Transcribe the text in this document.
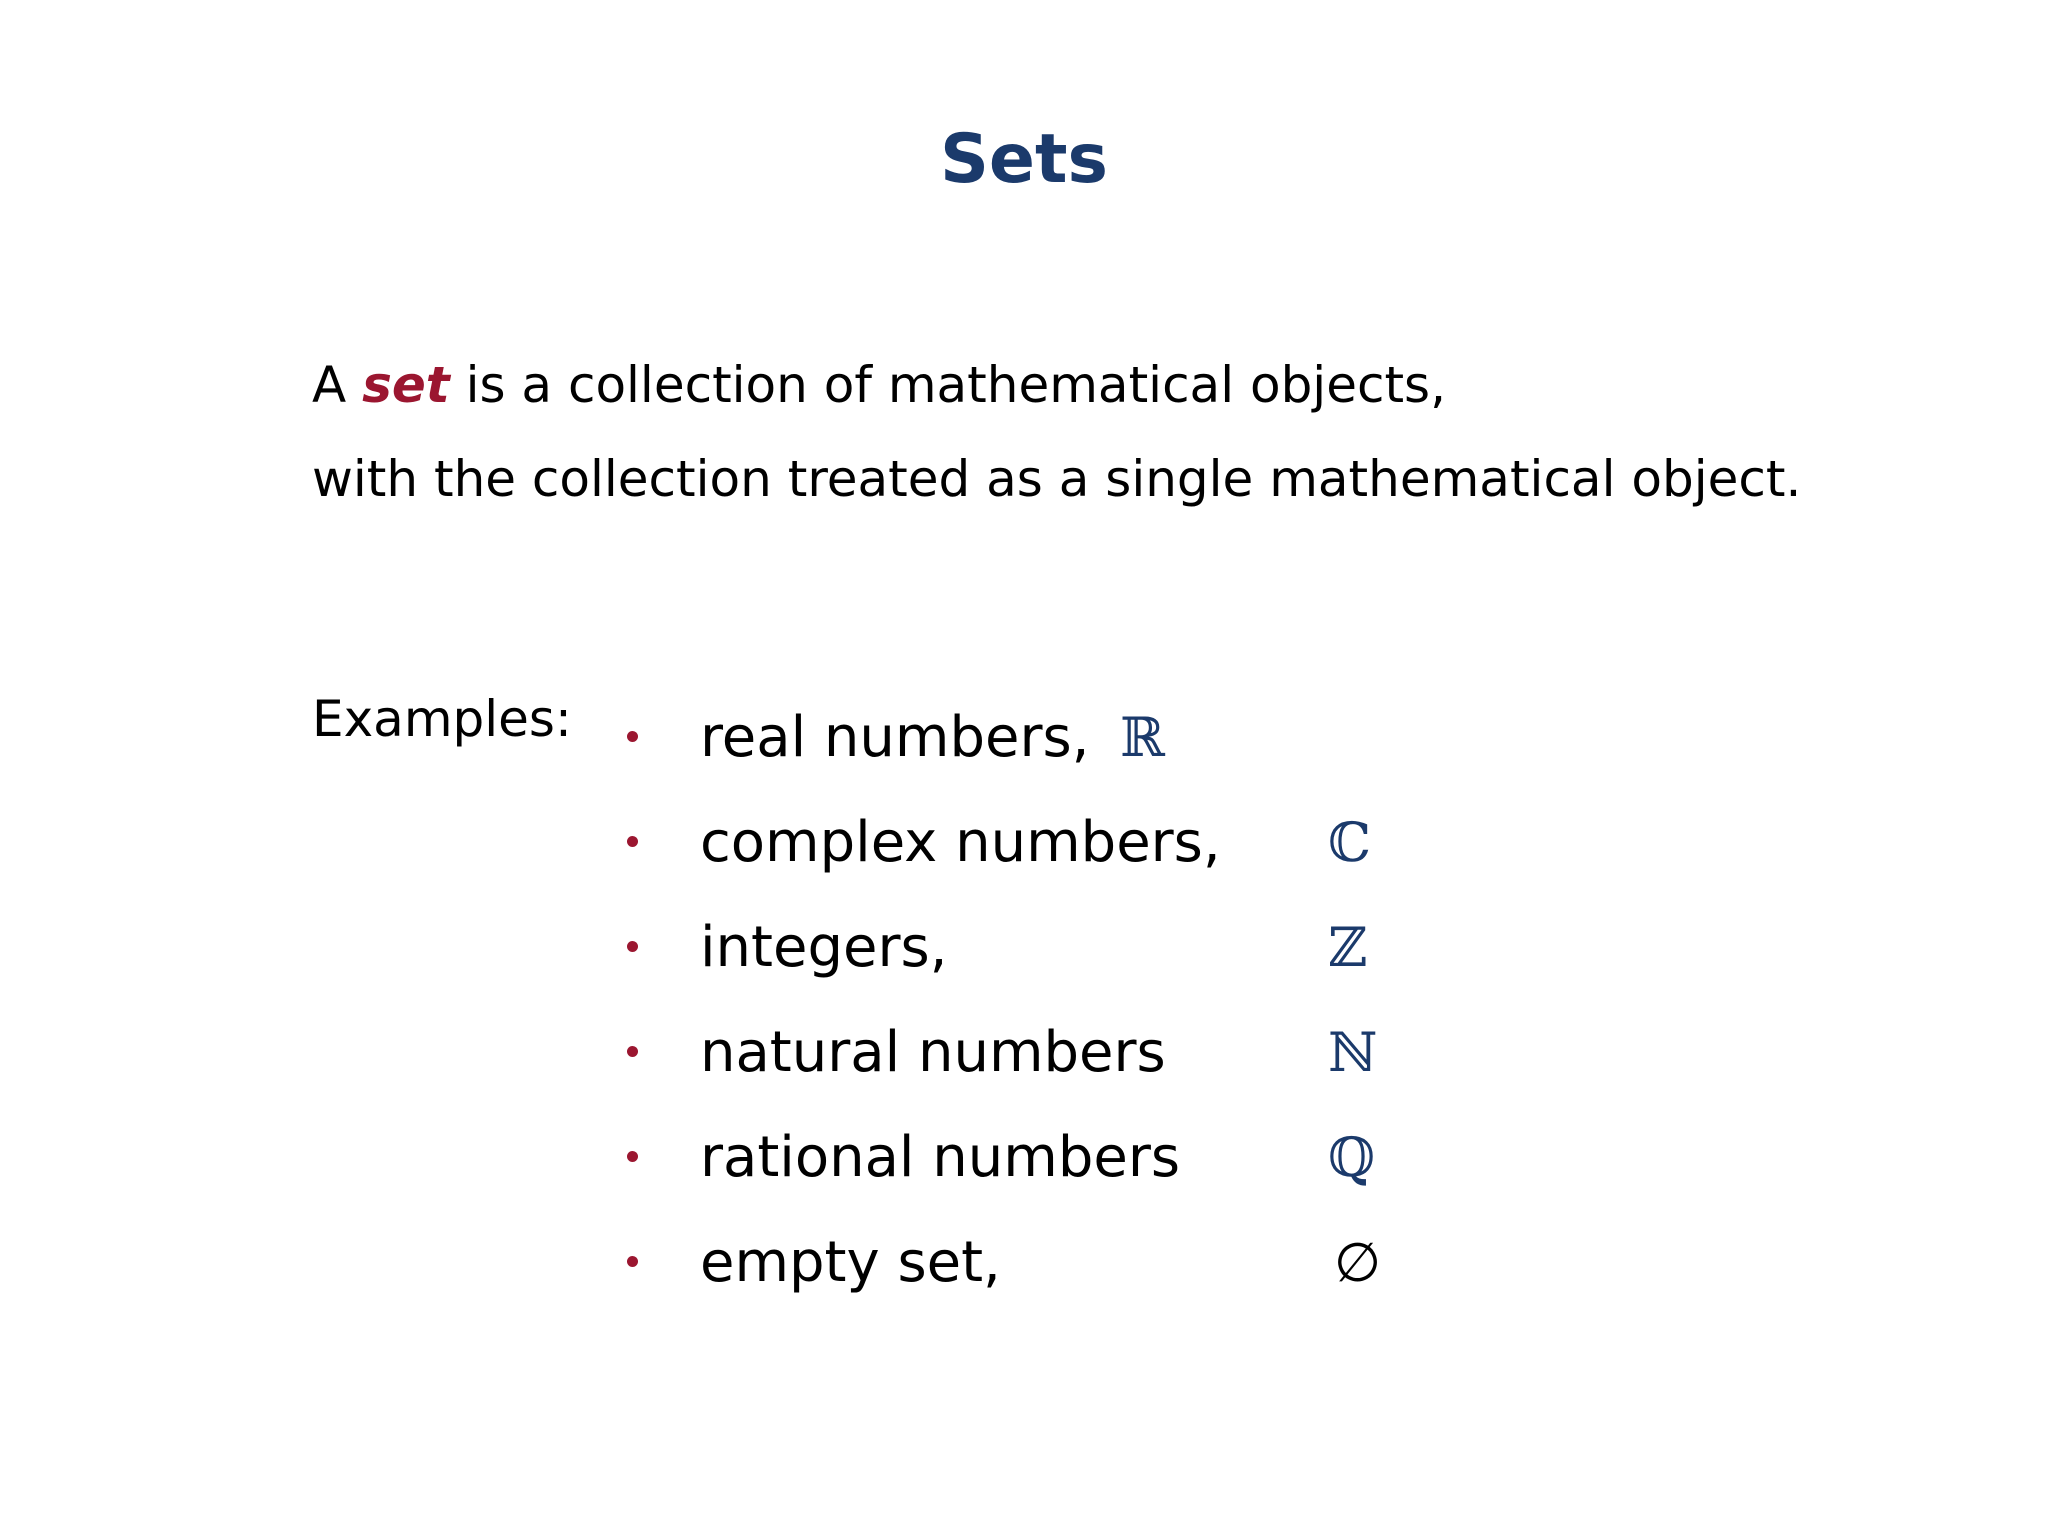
Sets

A set is a collection of mathematical objects,
with the collection treated as a single mathematical object.

Examples: real numbers, ℝ
complex numbers, ℂ
integers,	ℤ
natural numbers	ℕ
rational numbers	ℚ
empty set,	∅
